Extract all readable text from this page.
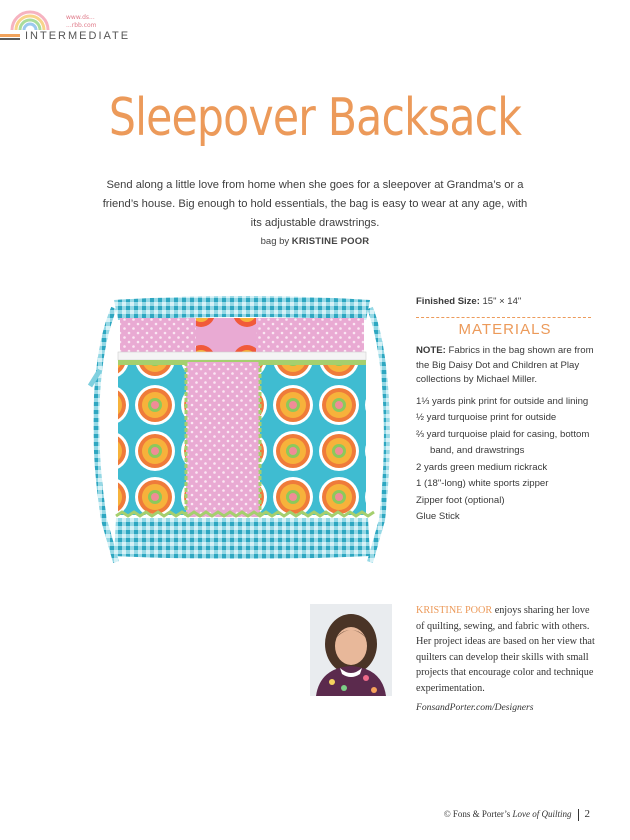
www.ds...
...rbb.com
INTERMEDIATE
Sleepover Backsack
Send along a little love from home when she goes for a sleepover at Grandma’s or a friend’s house. Big enough to hold essentials, the bag is easy to wear at any age, with its adjustable drawstrings.
bag by KRISTINE POOR
Finished Size: 15" × 14"
MATERIALS
NOTE: Fabrics in the bag shown are from the Big Daisy Dot and Children at Play collections by Michael Miller.
1⅓ yards pink print for outside and lining
½ yard turquoise print for outside
⅔ yard turquoise plaid for casing, bottom band, and drawstrings
2 yards green medium rickrack
1 (18"-long) white sports zipper
Zipper foot (optional)
Glue Stick
KRISTINE POOR enjoys sharing her love of quilting, sewing, and fabric with others. Her project ideas are based on her view that quilters can develop their skills with small projects that encourage color and technique experimentation.
FonsandPorter.com/Designers
© Fons & Porter’s Love of Quilting 2
